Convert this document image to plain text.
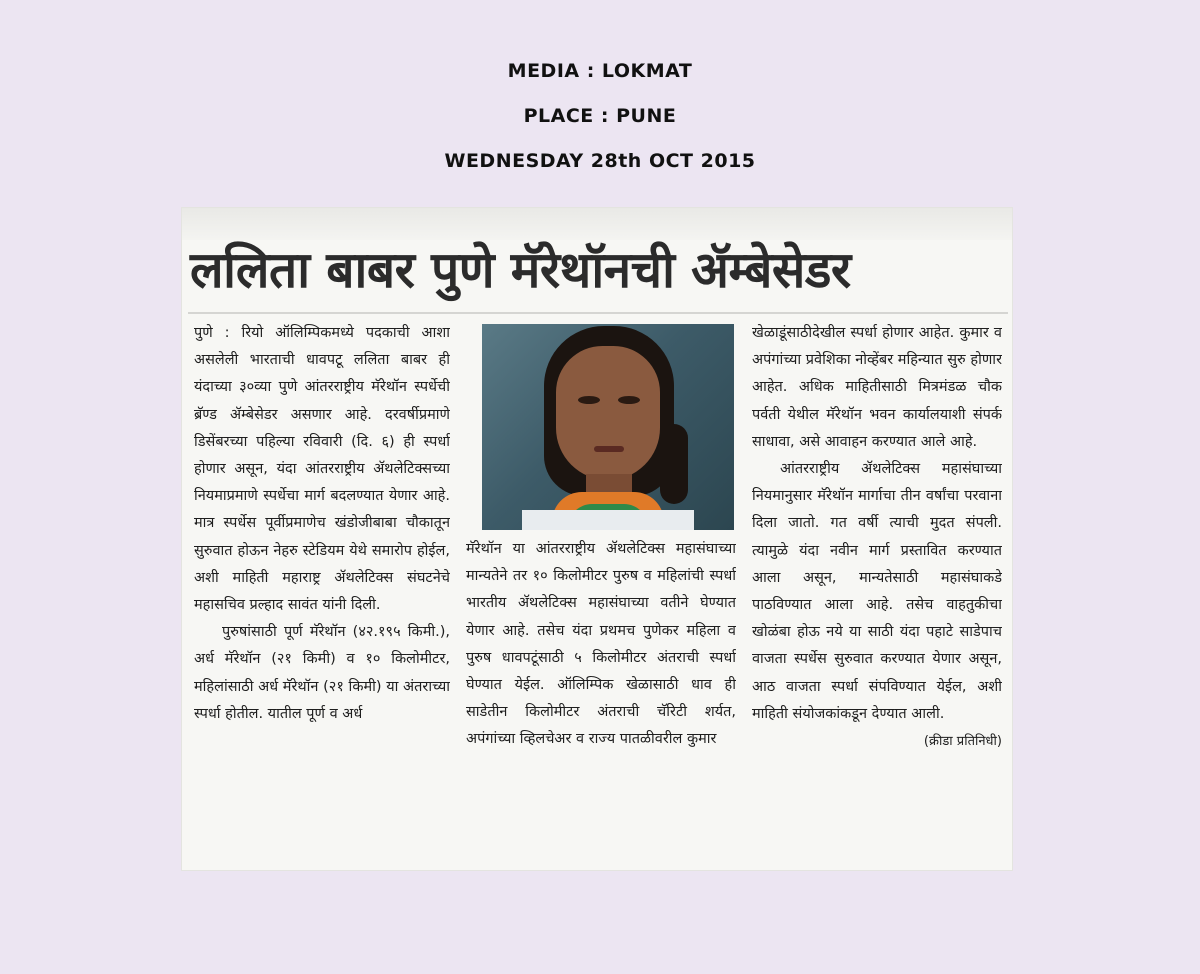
MEDIA : LOKMAT
PLACE : PUNE
WEDNESDAY 28th OCT 2015
ललिता बाबर पुणे मॅरेथॉनची ॲम्बेसेडर

पुणे : रियो ऑलिम्पिकमध्ये पदकाची आशा असलेली भारताची धावपटू ललिता बाबर ही यंदाच्या ३०व्या पुणे आंतरराष्ट्रीय मॅरेथॉन स्पर्धेची ब्रॅण्ड ॲम्बेसेडर असणार आहे. दरवर्षीप्रमाणे डिसेंबरच्या पहिल्या रविवारी (दि. ६) ही स्पर्धा होणार असून, यंदा आंतरराष्ट्रीय ॲथलेटिक्सच्या नियमाप्रमाणे स्पर्धेचा मार्ग बदलण्यात येणार आहे. मात्र स्पर्धेस पूर्वीप्रमाणेच खंडोजीबाबा चौकातून सुरुवात होऊन नेहरु स्टेडियम येथे समारोप होईल, अशी माहिती महाराष्ट्र ॲथलेटिक्स संघटनेचे महासचिव प्रल्हाद सावंत यांनी दिली.

पुरुषांसाठी पूर्ण मॅरेथॉन (४२.१९५ किमी.), अर्ध मॅरेथॉन (२१ किमी) व १० किलोमीटर, महिलांसाठी अर्ध मॅरेथॉन (२१ किमी) या अंतराच्या स्पर्धा होतील. यातील पूर्ण व अर्ध

मॅरेथॉन या आंतरराष्ट्रीय ॲथलेटिक्स महासंघाच्या मान्यतेने तर १० किलोमीटर पुरुष व महिलांची स्पर्धा भारतीय ॲथलेटिक्स महासंघाच्या वतीने घेण्यात येणार आहे. तसेच यंदा प्रथमच पुणेकर महिला व पुरुष धावपटूंसाठी ५ किलोमीटर अंतराची स्पर्धा घेण्यात येईल. ऑलिम्पिक खेळासाठी धाव ही साडेतीन किलोमीटर अंतराची चॅरिटी शर्यत, अपंगांच्या व्हिलचेअर व राज्य पातळीवरील कुमार

खेळाडूंसाठीदेखील स्पर्धा होणार आहेत. कुमार व अपंगांच्या प्रवेशिका नोव्हेंबर महिन्यात सुरु होणार आहेत. अधिक माहितीसाठी मित्रमंडळ चौक पर्वती येथील मॅरेथॉन भवन कार्यालयाशी संपर्क साधावा, असे आवाहन करण्यात आले आहे.

आंतरराष्ट्रीय ॲथलेटिक्स महासंघाच्या नियमानुसार मॅरेथॉन मार्गाचा तीन वर्षांचा परवाना दिला जातो. गत वर्षी त्याची मुदत संपली. त्यामुळे यंदा नवीन मार्ग प्रस्तावित करण्यात आला असून, मान्यतेसाठी महासंघाकडे पाठविण्यात आला आहे. तसेच वाहतुकीचा खोळंबा होऊ नये या साठी यंदा पहाटे साडेपाच वाजता स्पर्धेस सुरुवात करण्यात येणार असून, आठ वाजता स्पर्धा संपविण्यात येईल, अशी माहिती संयोजकांकडून देण्यात आली.

(क्रीडा प्रतिनिधी)
